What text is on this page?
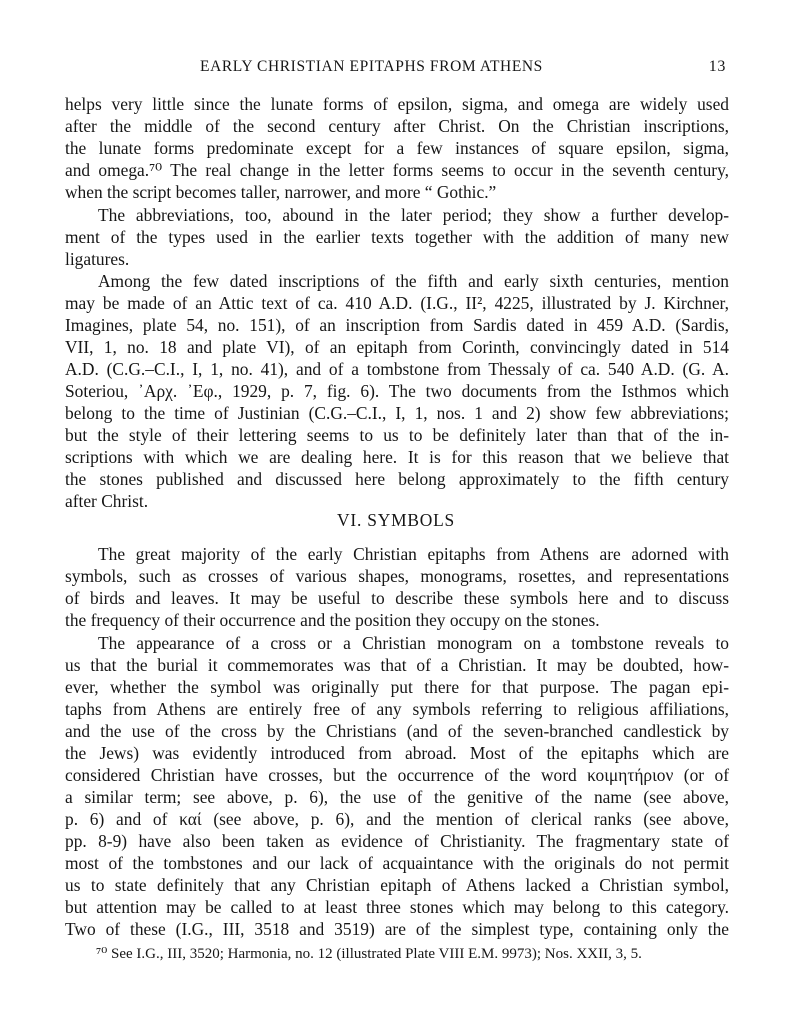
EARLY CHRISTIAN EPITAPHS FROM ATHENS	13
helps very little since the lunate forms of epsilon, sigma, and omega are widely used
after the middle of the second century after Christ. On the Christian inscriptions,
the lunate forms predominate except for a few instances of square epsilon, sigma,
and omega.⁷⁰ The real change in the letter forms seems to occur in the seventh century,
when the script becomes taller, narrower, and more “ Gothic.”
The abbreviations, too, abound in the later period; they show a further develop-
ment of the types used in the earlier texts together with the addition of many new
ligatures.
Among the few dated inscriptions of the fifth and early sixth centuries, mention
may be made of an Attic text of ca. 410 A.D. (I.G., II², 4225, illustrated by J. Kirchner,
Imagines, plate 54, no. 151), of an inscription from Sardis dated in 459 A.D. (Sardis,
VII, 1, no. 18 and plate VI), of an epitaph from Corinth, convincingly dated in 514
A.D. (C.G.–C.I., I, 1, no. 41), and of a tombstone from Thessaly of ca. 540 A.D. (G. A.
Soteriou, ᾿Αρχ. ᾿Εφ., 1929, p. 7, fig. 6). The two documents from the Isthmos which
belong to the time of Justinian (C.G.–C.I., I, 1, nos. 1 and 2) show few abbreviations;
but the style of their lettering seems to us to be definitely later than that of the in-
scriptions with which we are dealing here. It is for this reason that we believe that
the stones published and discussed here belong approximately to the fifth century
after Christ.
VI. SYMBOLS
The great majority of the early Christian epitaphs from Athens are adorned with
symbols, such as crosses of various shapes, monograms, rosettes, and representations
of birds and leaves. It may be useful to describe these symbols here and to discuss
the frequency of their occurrence and the position they occupy on the stones.
The appearance of a cross or a Christian monogram on a tombstone reveals to
us that the burial it commemorates was that of a Christian. It may be doubted, how-
ever, whether the symbol was originally put there for that purpose. The pagan epi-
taphs from Athens are entirely free of any symbols referring to religious affiliations,
and the use of the cross by the Christians (and of the seven-branched candlestick by
the Jews) was evidently introduced from abroad. Most of the epitaphs which are
considered Christian have crosses, but the occurrence of the word κοιμητήριον (or of
a similar term; see above, p. 6), the use of the genitive of the name (see above,
p. 6) and of καί (see above, p. 6), and the mention of clerical ranks (see above,
pp. 8-9) have also been taken as evidence of Christianity. The fragmentary state of
most of the tombstones and our lack of acquaintance with the originals do not permit
us to state definitely that any Christian epitaph of Athens lacked a Christian symbol,
but attention may be called to at least three stones which may belong to this category.
Two of these (I.G., III, 3518 and 3519) are of the simplest type, containing only the
⁷⁰ See I.G., III, 3520; Harmonia, no. 12 (illustrated Plate VIII E.M. 9973); Nos. XXII, 3, 5.
